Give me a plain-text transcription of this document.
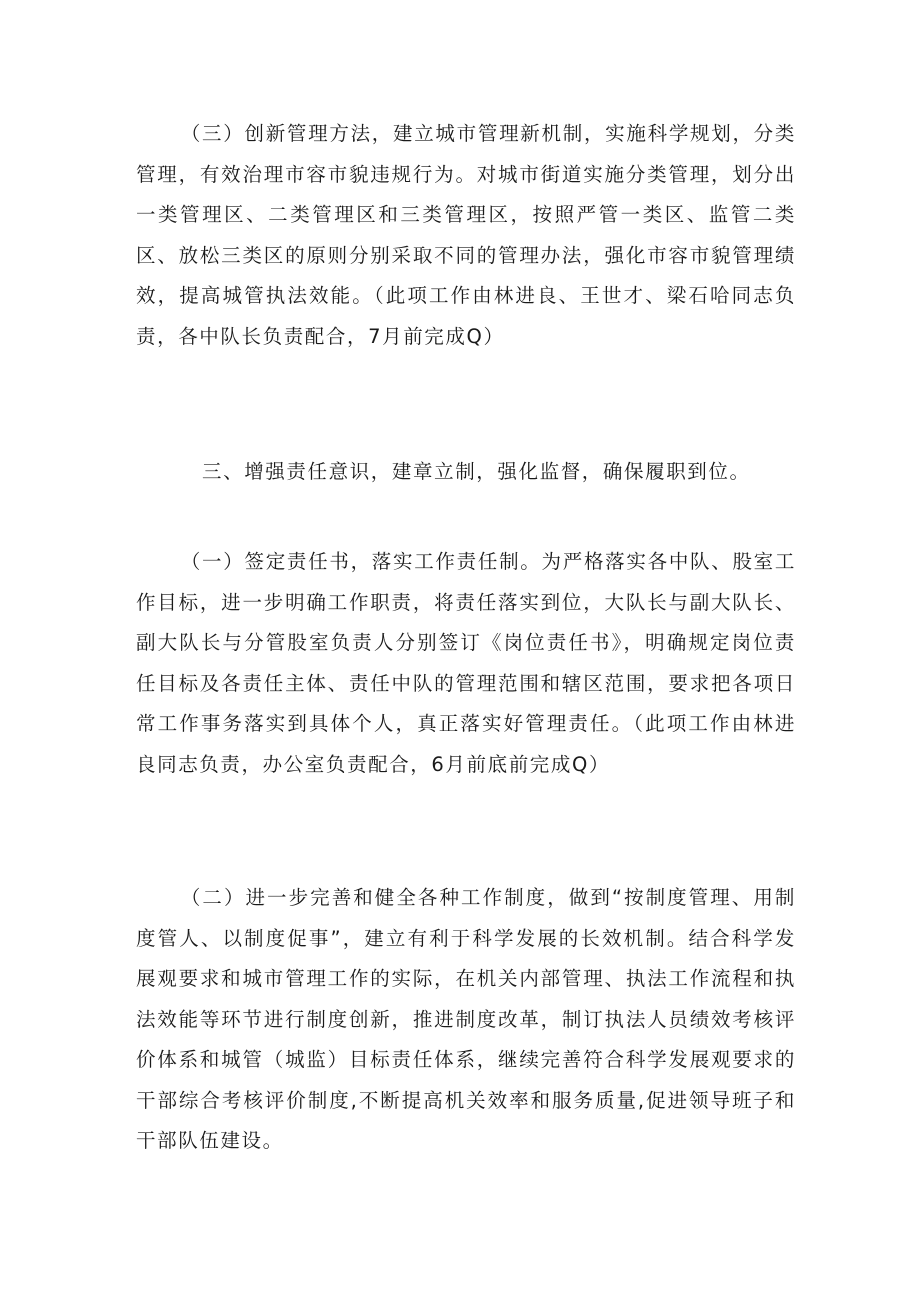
（三）创新管理方法，建立城市管理新机制，实施科学规划，分类管理，有效治理市容市貌违规行为。对城市街道实施分类管理，划分出一类管理区、二类管理区和三类管理区，按照严管一类区、监管二类区、放松三类区的原则分别采取不同的管理办法，强化市容市貌管理绩效，提高城管执法效能。（此项工作由林进良、王世才、梁石哈同志负责，各中队长负责配合，7月前完成Q）

三、增强责任意识，建章立制，强化监督，确保履职到位。

（一）签定责任书，落实工作责任制。为严格落实各中队、股室工作目标，进一步明确工作职责，将责任落实到位，大队长与副大队长、副大队长与分管股室负责人分别签订《岗位责任书》，明确规定岗位责任目标及各责任主体、责任中队的管理范围和辖区范围，要求把各项日常工作事务落实到具体个人，真正落实好管理责任。（此项工作由林进良同志负责，办公室负责配合，6月前底前完成Q）

（二）进一步完善和健全各种工作制度，做到“按制度管理、用制度管人、以制度促事”，建立有利于科学发展的长效机制。结合科学发展观要求和城市管理工作的实际，在机关内部管理、执法工作流程和执法效能等环节进行制度创新，推进制度改革，制订执法人员绩效考核评价体系和城管（城监）目标责任体系，继续完善符合科学发展观要求的干部综合考核评价制度,不断提高机关效率和服务质量,促进领导班子和干部队伍建设。
